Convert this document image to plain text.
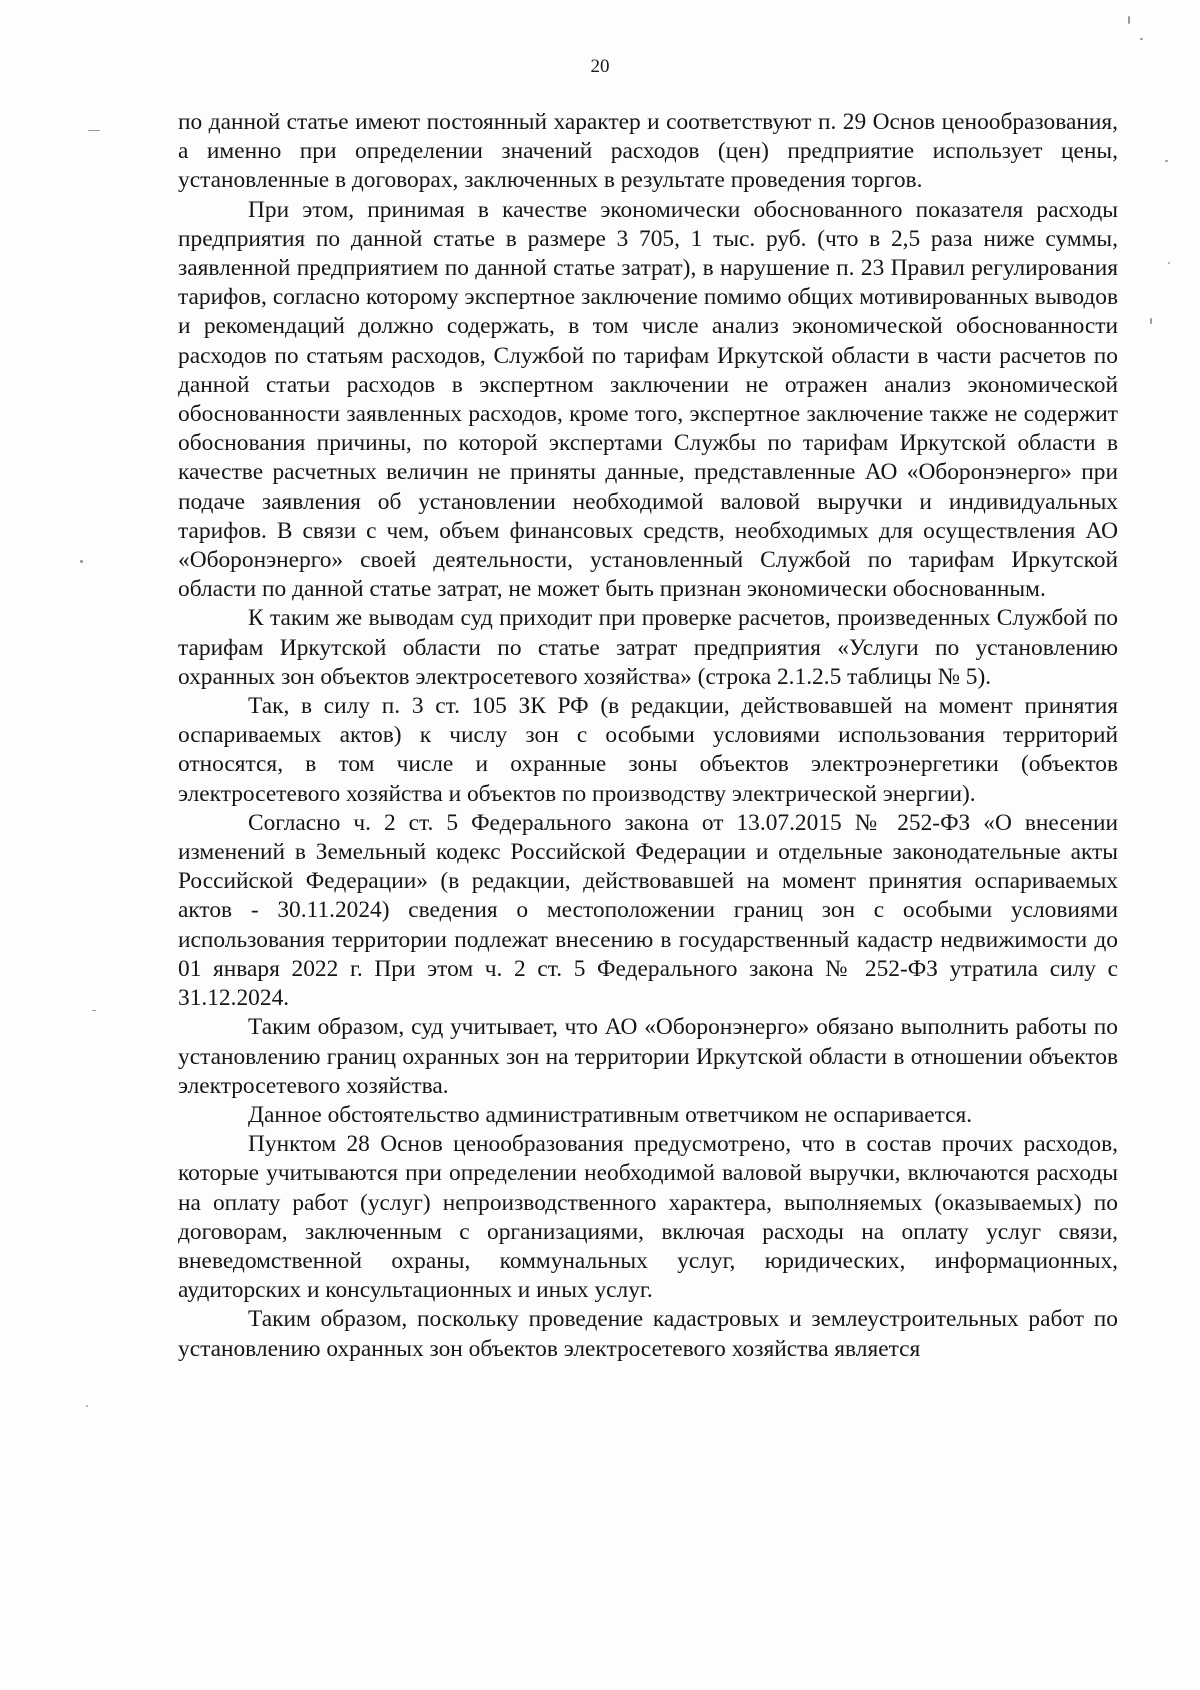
20

по данной статье имеют постоянный характер и соответствуют п. 29 Основ ценообразования, а именно при определении значений расходов (цен) предприятие использует цены, установленные в договорах, заключенных в результате проведения торгов.

При этом, принимая в качестве экономически обоснованного показателя расходы предприятия по данной статье в размере 3 705, 1 тыс. руб. (что в 2,5 раза ниже суммы, заявленной предприятием по данной статье затрат), в нарушение п. 23 Правил регулирования тарифов, согласно которому экспертное заключение помимо общих мотивированных выводов и рекомендаций должно содержать, в том числе анализ экономической обоснованности расходов по статьям расходов, Службой по тарифам Иркутской области в части расчетов по данной статьи расходов в экспертном заключении не отражен анализ экономической обоснованности заявленных расходов, кроме того, экспертное заключение также не содержит обоснования причины, по которой экспертами Службы по тарифам Иркутской области в качестве расчетных величин не приняты данные, представленные АО «Оборонэнерго» при подаче заявления об установлении необходимой валовой выручки и индивидуальных тарифов. В связи с чем, объем финансовых средств, необходимых для осуществления АО «Оборонэнерго» своей деятельности, установленный Службой по тарифам Иркутской области по данной статье затрат, не может быть признан экономически обоснованным.

К таким же выводам суд приходит при проверке расчетов, произведенных Службой по тарифам Иркутской области по статье затрат предприятия «Услуги по установлению охранных зон объектов электросетевого хозяйства» (строка 2.1.2.5 таблицы № 5).

Так, в силу п. 3 ст. 105 ЗК РФ (в редакции, действовавшей на момент принятия оспариваемых актов) к числу зон с особыми условиями использования территорий относятся, в том числе и охранные зоны объектов электроэнергетики (объектов электросетевого хозяйства и объектов по производству электрической энергии).

Согласно ч. 2 ст. 5 Федерального закона от 13.07.2015 № 252-ФЗ «О внесении изменений в Земельный кодекс Российской Федерации и отдельные законодательные акты Российской Федерации» (в редакции, действовавшей на момент принятия оспариваемых актов - 30.11.2024) сведения о местоположении границ зон с особыми условиями использования территории подлежат внесению в государственный кадастр недвижимости до 01 января 2022 г. При этом ч. 2 ст. 5 Федерального закона № 252-ФЗ утратила силу с 31.12.2024.

Таким образом, суд учитывает, что АО «Оборонэнерго» обязано выполнить работы по установлению границ охранных зон на территории Иркутской области в отношении объектов электросетевого хозяйства.

Данное обстоятельство административным ответчиком не оспаривается.

Пунктом 28 Основ ценообразования предусмотрено, что в состав прочих расходов, которые учитываются при определении необходимой валовой выручки, включаются расходы на оплату работ (услуг) непроизводственного характера, выполняемых (оказываемых) по договорам, заключенным с организациями, включая расходы на оплату услуг связи, вневедомственной охраны, коммунальных услуг, юридических, информационных, аудиторских и консультационных и иных услуг.

Таким образом, поскольку проведение кадастровых и землеустроительных работ по установлению охранных зон объектов электросетевого хозяйства является
